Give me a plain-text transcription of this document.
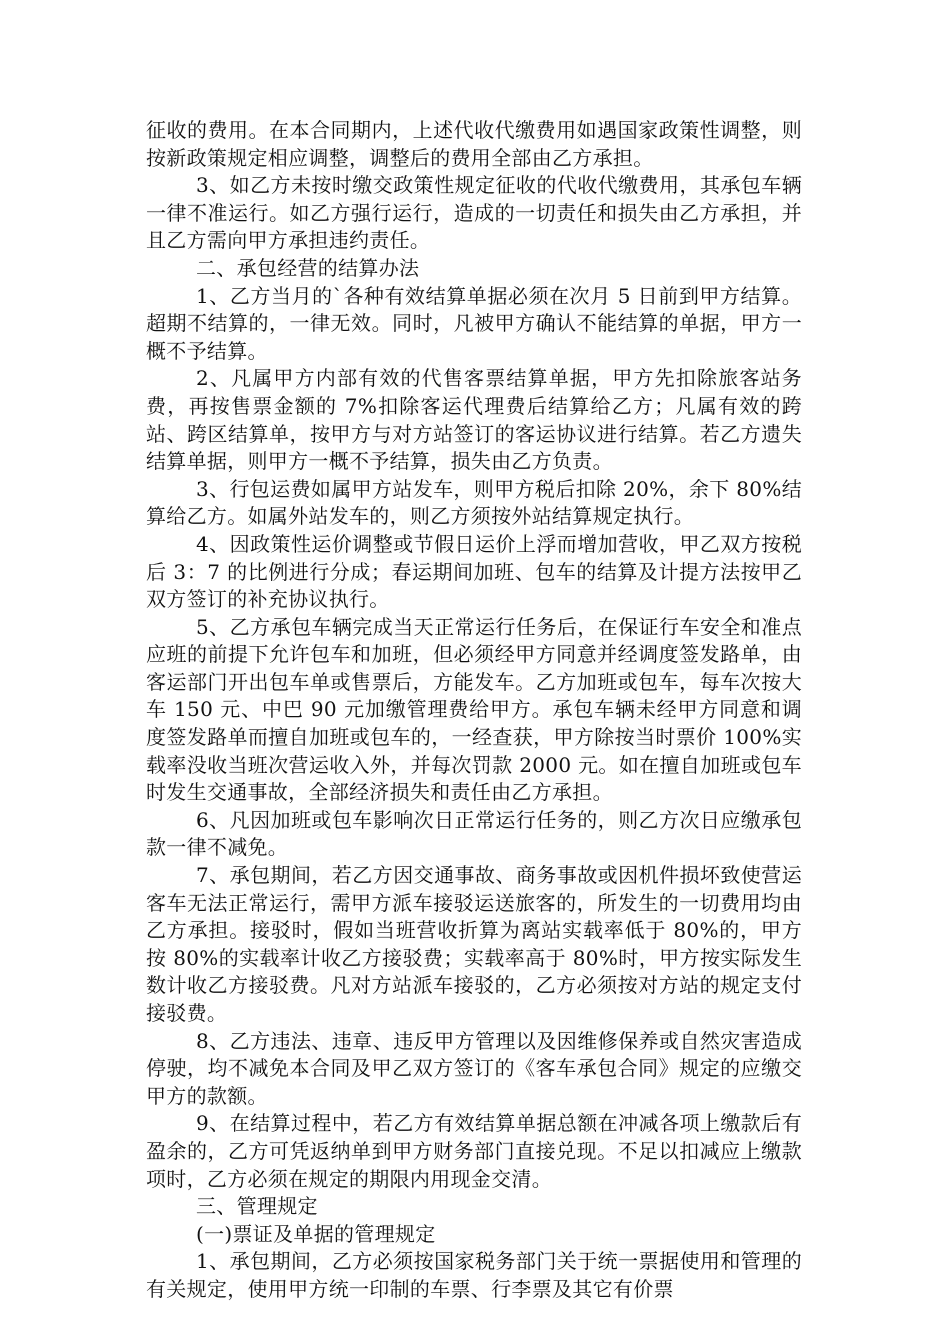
征收的费用。在本合同期内，上述代收代缴费用如遇国家政策性调整，则按新政策规定相应调整，调整后的费用全部由乙方承担。

3、如乙方未按时缴交政策性规定征收的代收代缴费用，其承包车辆一律不准运行。如乙方强行运行，造成的一切责任和损失由乙方承担，并且乙方需向甲方承担违约责任。

二、承包经营的结算办法

1、乙方当月的`各种有效结算单据必须在次月 5 日前到甲方结算。超期不结算的，一律无效。同时，凡被甲方确认不能结算的单据，甲方一概不予结算。

2、凡属甲方内部有效的代售客票结算单据，甲方先扣除旅客站务费，再按售票金额的 7%扣除客运代理费后结算给乙方；凡属有效的跨站、跨区结算单，按甲方与对方站签订的客运协议进行结算。若乙方遗失结算单据，则甲方一概不予结算，损失由乙方负责。

3、行包运费如属甲方站发车，则甲方税后扣除 20%，余下 80%结算给乙方。如属外站发车的，则乙方须按外站结算规定执行。

4、因政策性运价调整或节假日运价上浮而增加营收，甲乙双方按税后 3：7 的比例进行分成；春运期间加班、包车的结算及计提方法按甲乙双方签订的补充协议执行。

5、乙方承包车辆完成当天正常运行任务后，在保证行车安全和准点应班的前提下允许包车和加班，但必须经甲方同意并经调度签发路单，由客运部门开出包车单或售票后，方能发车。乙方加班或包车，每车次按大车 150 元、中巴 90 元加缴管理费给甲方。承包车辆未经甲方同意和调度签发路单而擅自加班或包车的，一经查获，甲方除按当时票价 100%实载率没收当班次营运收入外，并每次罚款 2000 元。如在擅自加班或包车时发生交通事故，全部经济损失和责任由乙方承担。

6、凡因加班或包车影响次日正常运行任务的，则乙方次日应缴承包款一律不减免。

7、承包期间，若乙方因交通事故、商务事故或因机件损坏致使营运客车无法正常运行，需甲方派车接驳运送旅客的，所发生的一切费用均由乙方承担。接驳时，假如当班营收折算为离站实载率低于 80%的，甲方按 80%的实载率计收乙方接驳费；实载率高于 80%时，甲方按实际发生数计收乙方接驳费。凡对方站派车接驳的，乙方必须按对方站的规定支付接驳费。

8、乙方违法、违章、违反甲方管理以及因维修保养或自然灾害造成停驶，均不减免本合同及甲乙双方签订的《客车承包合同》规定的应缴交甲方的款额。

9、在结算过程中，若乙方有效结算单据总额在冲减各项上缴款后有盈余的，乙方可凭返纳单到甲方财务部门直接兑现。不足以扣减应上缴款项时，乙方必须在规定的期限内用现金交清。

三、管理规定

(一)票证及单据的管理规定

1、承包期间，乙方必须按国家税务部门关于统一票据使用和管理的有关规定，使用甲方统一印制的车票、行李票及其它有价票
